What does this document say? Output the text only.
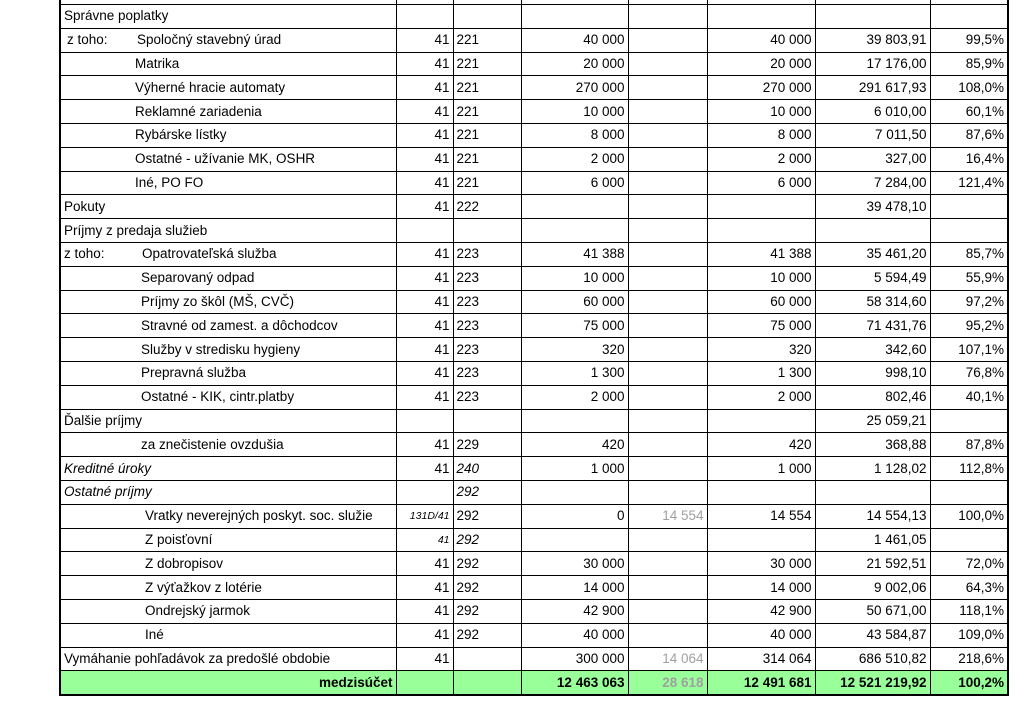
Správne poplatky							
z toho: Spoločný stavebný úrad	41	221	40 000		40 000	39 803,91	99,5%
Matrika	41	221	20 000		20 000	17 176,00	85,9%
Výherné hracie automaty	41	221	270 000		270 000	291 617,93	108,0%
Reklamné zariadenia	41	221	10 000		10 000	6 010,00	60,1%
Rybárske lístky	41	221	8 000		8 000	7 011,50	87,6%
Ostatné - užívanie MK, OSHR	41	221	2 000		2 000	327,00	16,4%
Iné, PO FO	41	221	6 000		6 000	7 284,00	121,4%
Pokuty	41	222				39 478,10	
Príjmy z predaja služieb							
z toho: Opatrovateľská služba	41	223	41 388		41 388	35 461,20	85,7%
Separovaný odpad	41	223	10 000		10 000	5 594,49	55,9%
Príjmy zo škôl (MŠ, CVČ)	41	223	60 000		60 000	58 314,60	97,2%
Stravné od zamest. a dôchodcov	41	223	75 000		75 000	71 431,76	95,2%
Služby v stredisku hygieny	41	223	320		320	342,60	107,1%
Prepravná služba	41	223	1 300		1 300	998,10	76,8%
Ostatné - KIK, cintr.platby	41	223	2 000		2 000	802,46	40,1%
Ďalšie príjmy						25 059,21	
za znečistenie ovzdušia	41	229	420		420	368,88	87,8%
Kreditné úroky	41	240	1 000		1 000	1 128,02	112,8%
Ostatné príjmy		292					
Vratky neverejných poskyt. soc. služie	131D/41	292	0	14 554	14 554	14 554,13	100,0%
Z poisťovní	41	292				1 461,05	
Z dobropisov	41	292	30 000		30 000	21 592,51	72,0%
Z výťažkov z lotérie	41	292	14 000		14 000	9 002,06	64,3%
Ondrejský jarmok	41	292	42 900		42 900	50 671,00	118,1%
Iné	41	292	40 000		40 000	43 584,87	109,0%
Vymáhanie pohľadávok za predošlé obdobie	41		300 000	14 064	314 064	686 510,82	218,6%
medzisúčet			12 463 063	28 618	12 491 681	12 521 219,92	100,2%
